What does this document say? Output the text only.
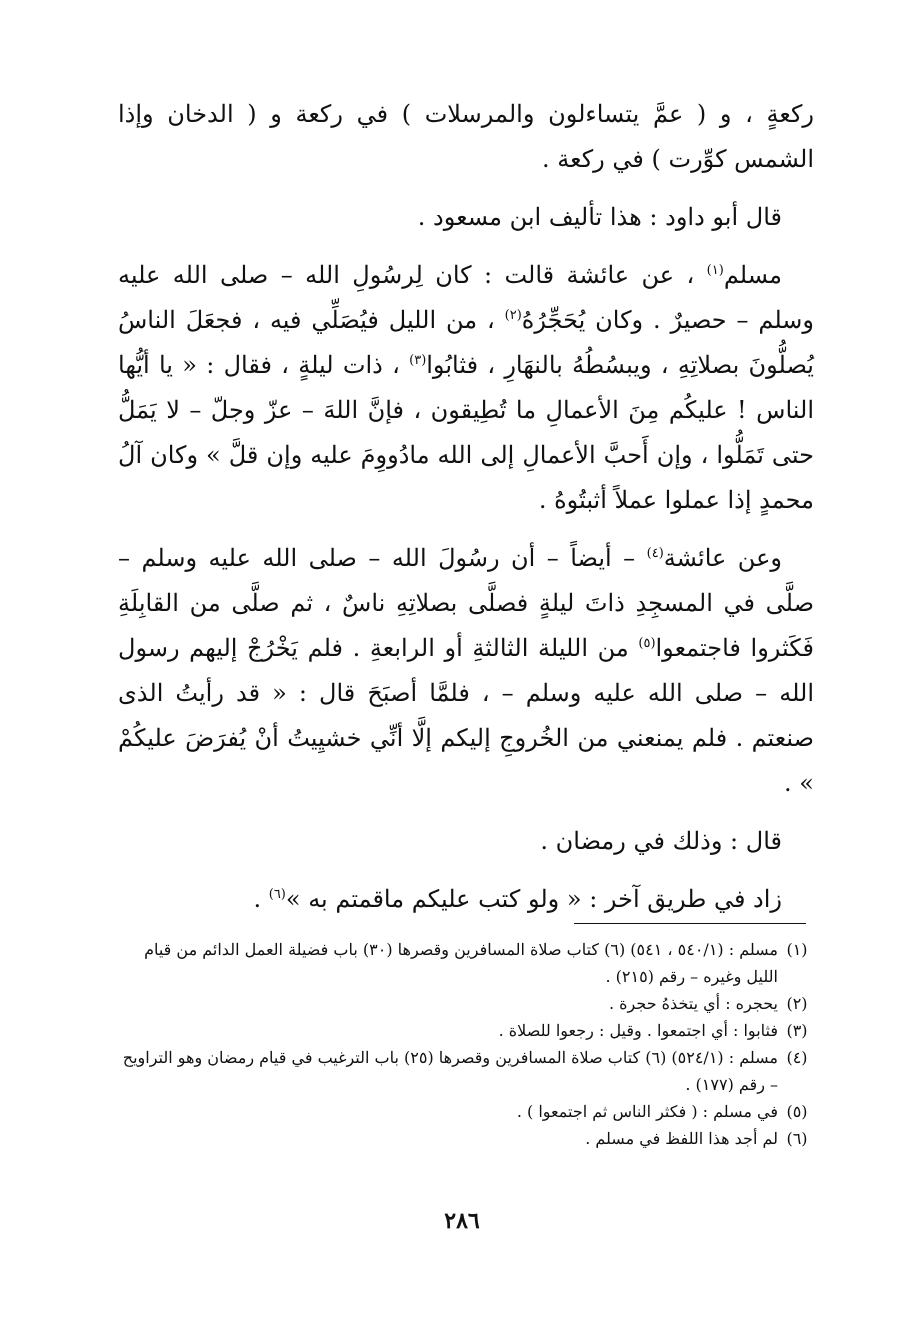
ركعةٍ ، و ( عمَّ يتساءلون والمرسلات ) في ركعة و ( الدخان وإذا الشمس كوِّرت ) في ركعة .

قال أبو داود : هذا تأليف ابن مسعود .

مسلم$^{(١)}$ ، عن عائشة قالت : كان لِرسُولِ الله – صلى الله عليه وسلم – حصيرٌ . وكان يُحَجِّرُهُ$^{(٢)}$ ، من الليل فيُصَلِّي فيه ، فجعَلَ الناسُ يُصلُّونَ بصلاتِهِ ، ويبسُطُهُ بالنهَارِ ، فثابُوا$^{(٣)}$ ، ذات ليلةٍ ، فقال : « يا أيُّها الناس ! عليكُم مِنَ الأعمالِ ما تُطِيقون ، فإنَّ اللهَ – عزّ وجلّ – لا يَمَلُّ حتى تَمَلُّوا ، وإن أَحبَّ الأعمالِ إلى الله مادُووِمَ عليه وإن قلَّ » وكان آلُ محمدٍ إذا عملوا عملاً أثبتُوهُ .

وعن عائشة$^{(٤)}$ – أيضاً – أن رسُولَ الله – صلى الله عليه وسلم – صلَّى في المسجِدِ ذاتَ ليلةٍ فصلَّى بصلاتِهِ ناسٌ ، ثم صلَّى من القابِلَةِ فَكَثروا فاجتمعوا$^{(٥)}$ من الليلة الثالثةِ أو الرابعةِ . فلم يَخْرُجْ إليهم رسول الله – صلى الله عليه وسلم – ، فلمَّا أصبَحَ قال : « قد رأيتُ الذى صنعتم . فلم يمنعني من الخُروجِ إليكم إلَّا أنِّي خشيِيتُ أنْ يُفرَضَ عليكُمْ » .

قال : وذلك في رمضان .

زاد في طريق آخر : « ولو كتب عليكم ماقمتم به »$^{(٦)}$ .

(١)
مسلم : (٥٤٠/١ ، ٥٤١) (٦) كتاب صلاة المسافرين وقصرها (٣٠) باب فضيلة العمل الدائم من قيام الليل وغيره – رقم (٢١٥) .
(٢)
يحجره : أي يتخذهُ حجرة .
(٣)
فثابوا : أي اجتمعوا . وقيل : رجعوا للصلاة .
(٤)
مسلم : (٥٢٤/١) (٦) كتاب صلاة المسافرين وقصرها (٢٥) باب الترغيب في قيام رمضان وهو التراويح – رقم (١٧٧) .
(٥)
في مسلم : ( فكثر الناس ثم اجتمعوا ) .
(٦)
لم أجد هذا اللفظ في مسلم .
٢٨٦
